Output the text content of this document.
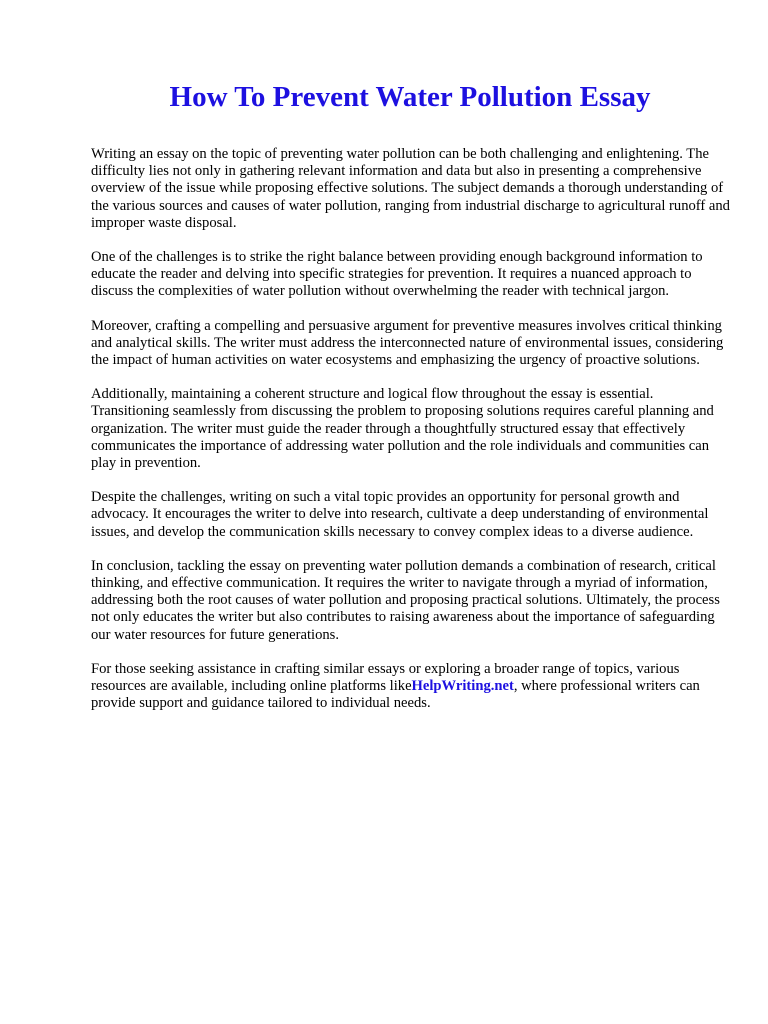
How To Prevent Water Pollution Essay

Writing an essay on the topic of preventing water pollution can be both challenging and enlightening. The difficulty lies not only in gathering relevant information and data but also in presenting a comprehensive overview of the issue while proposing effective solutions. The subject demands a thorough understanding of the various sources and causes of water pollution, ranging from industrial discharge to agricultural runoff and improper waste disposal.

One of the challenges is to strike the right balance between providing enough background information to educate the reader and delving into specific strategies for prevention. It requires a nuanced approach to discuss the complexities of water pollution without overwhelming the reader with technical jargon.

Moreover, crafting a compelling and persuasive argument for preventive measures involves critical thinking and analytical skills. The writer must address the interconnected nature of environmental issues, considering the impact of human activities on water ecosystems and emphasizing the urgency of proactive solutions.

Additionally, maintaining a coherent structure and logical flow throughout the essay is essential. Transitioning seamlessly from discussing the problem to proposing solutions requires careful planning and organization. The writer must guide the reader through a thoughtfully structured essay that effectively communicates the importance of addressing water pollution and the role individuals and communities can play in prevention.

Despite the challenges, writing on such a vital topic provides an opportunity for personal growth and advocacy. It encourages the writer to delve into research, cultivate a deep understanding of environmental issues, and develop the communication skills necessary to convey complex ideas to a diverse audience.

In conclusion, tackling the essay on preventing water pollution demands a combination of research, critical thinking, and effective communication. It requires the writer to navigate through a myriad of information, addressing both the root causes of water pollution and proposing practical solutions. Ultimately, the process not only educates the writer but also contributes to raising awareness about the importance of safeguarding our water resources for future generations.

For those seeking assistance in crafting similar essays or exploring a broader range of topics, various resources are available, including online platforms likeHelpWriting.net, where professional writers can provide support and guidance tailored to individual needs.
